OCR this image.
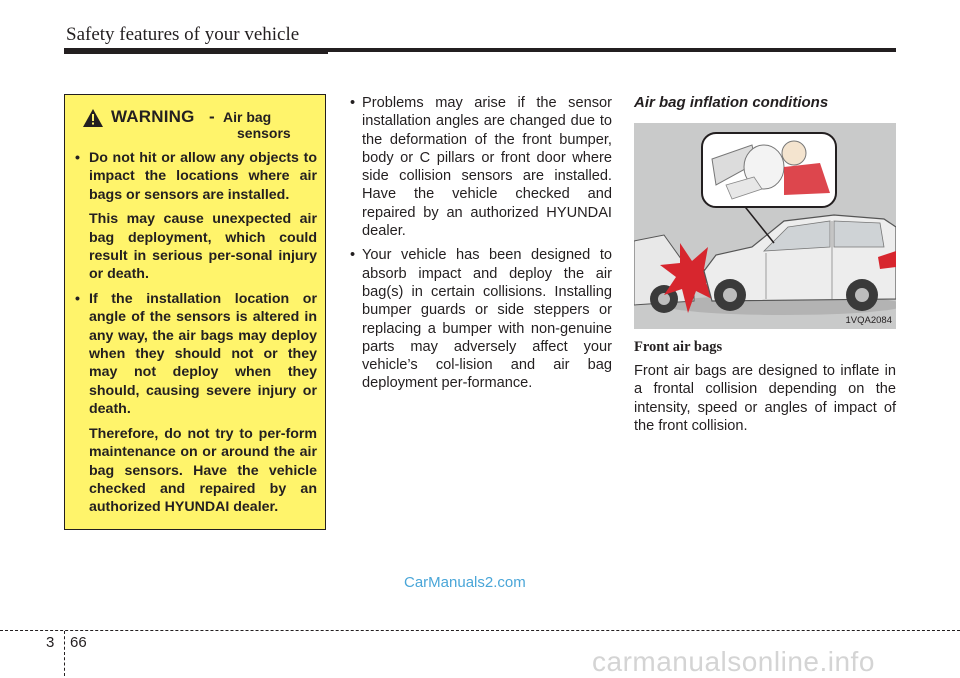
Safety features of your vehicle
WARNING - Air bag
sensors

• Do not hit or allow any objects to impact the locations where air bags or sensors are installed.

This may cause unexpected air bag deployment, which could result in serious per-sonal injury or death.

• If the installation location or angle of the sensors is altered in any way, the air bags may deploy when they should not or they may not deploy when they should, causing severe injury or death.

Therefore, do not try to per-form maintenance on or around the air bag sensors. Have the vehicle checked and repaired by an authorized HYUNDAI dealer.

• Problems may arise if the sensor installation angles are changed due to the deformation of the front bumper, body or C pillars or front door where side collision sensors are installed. Have the vehicle checked and repaired by an authorized HYUNDAI dealer.
• Your vehicle has been designed to absorb impact and deploy the air bag(s) in certain collisions. Installing bumper guards or side steppers or replacing a bumper with non-genuine parts may adversely affect your vehicle’s col-lision and air bag deployment per-formance.
Air bag inflation conditions
1VQA2084
Front air bags

Front air bags are designed to inflate in a frontal collision depending on the intensity, speed or angles of impact of the front collision.

CarManuals2.com
3 66
carmanualsonline.info
